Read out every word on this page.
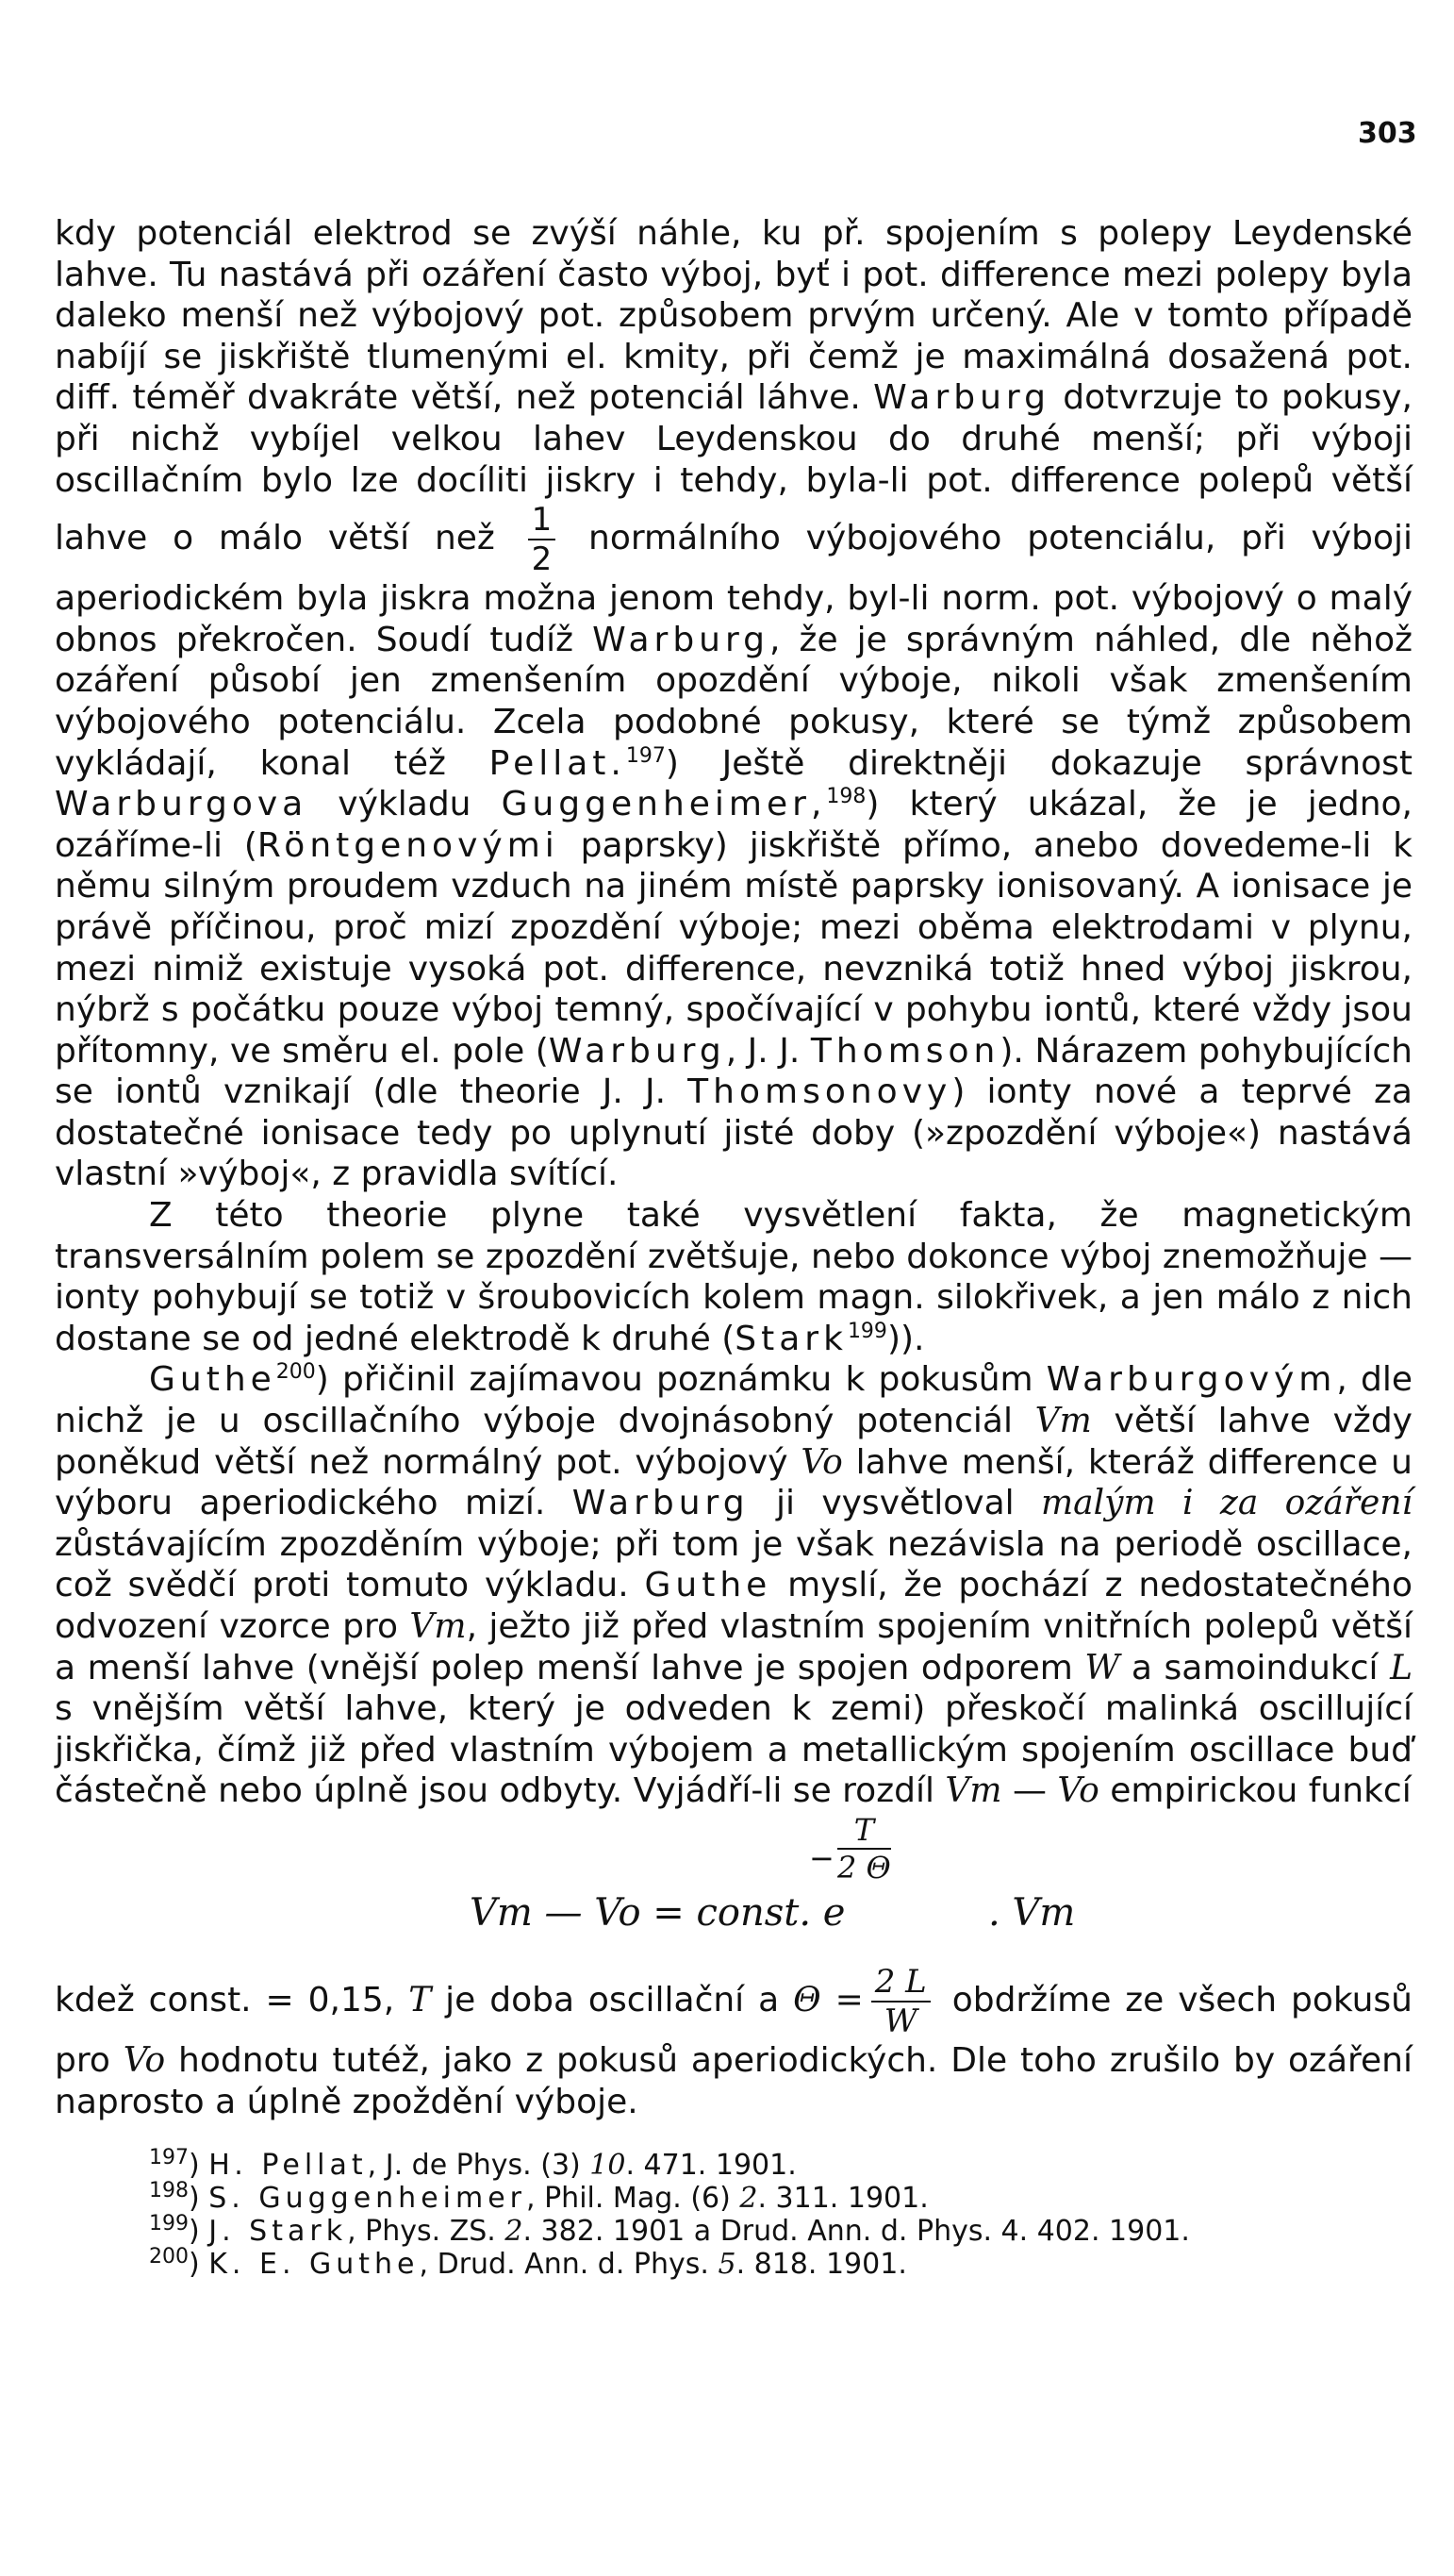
303

kdy potenciál elektrod se zvýší náhle, ku př. spojením s polepy Leydenské lahve. Tu nastává při ozáření často výboj, byť i pot. difference mezi polepy byla daleko menší než výbojový pot. způsobem prvým určený. Ale v tomto případě nabíjí se jiskřiště tlumenými el. kmity, při čemž je maximálná dosažená pot. diff. téměř dvakráte větší, než potenciál láhve. Warburg dotvrzuje to pokusy, při nichž vybíjel velkou lahev Leydenskou do druhé menší; při výboji oscillačním bylo lze docíliti jiskry i tehdy, byla-li pot. difference polepů větší lahve o málo větší než $\frac{1}{2}$ normálního výbojového potenciálu, při výboji aperiodickém byla jiskra možna jenom tehdy, byl-li norm. pot. výbojový o malý obnos překročen. Soudí tudíž Warburg, že je správným náhled, dle něhož ozáření působí jen zmenšením opozdění výboje, nikoli však zmenšením výbojového potenciálu. Zcela podobné pokusy, které se týmž způsobem vykládají, konal též Pellat.$^{197}$) Ještě direktněji dokazuje správnost Warburgova výkladu Guggenheimer,$^{198}$) který ukázal, že je jedno, ozáříme-li (Röntgenovými paprsky) jiskřiště přímo, anebo dovedeme-li k němu silným proudem vzduch na jiném místě paprsky ionisovaný. A ionisace je právě příčinou, proč mizí zpozdění výboje; mezi oběma elektrodami v plynu, mezi nimiž existuje vysoká pot. difference, nevzniká totiž hned výboj jiskrou, nýbrž s počátku pouze výboj temný, spočívající v pohybu iontů, které vždy jsou přítomny, ve směru el. pole (Warburg, J. J. Thomson). Nárazem pohybujících se iontů vznikají (dle theorie J. J. Thomsonovy) ionty nové a teprvé za dostatečné ionisace tedy po uplynutí jisté doby (»zpozdění výboje«) nastává vlastní »výboj«, z pravidla svítící.

Z této theorie plyne také vysvětlení fakta, že magnetickým transversálním polem se zpozdění zvětšuje, nebo dokonce výboj znemožňuje — ionty pohybují se totiž v šroubovicích kolem magn. silokřivek, a jen málo z nich dostane se od jedné elektrodě k druhé (Stark$^{199}$)).

Guthe$^{200}$) přičinil zajímavou poznámku k pokusům Warburgovým, dle nichž je u oscillačního výboje dvojnásobný potenciál Vm větší lahve vždy poněkud větší než normálný pot. výbojový Vo lahve menší, kteráž difference u výboru aperiodického mizí. Warburg ji vysvětloval malým i za ozáření zůstávajícím zpozděním výboje; při tom je však nezávisla na periodě oscillace, což svědčí proti tomuto výkladu. Guthe myslí, že pochází z nedostatečného odvození vzorce pro Vm, ježto již před vlastním spojením vnitřních polepů větší a menší lahve (vnější polep menší lahve je spojen odporem W a samoindukcí L s vnějším větší lahve, který je odveden k zemi) přeskočí malinká oscillující jiskřička, čímž již před vlastním výbojem a metallickým spojením oscillace buď částečně nebo úplně jsou odbyty. Vyjádří-li se rozdíl Vm — Vo empirickou funkcí

Vm — Vo = const. e
$\frac{T}{2 \Theta}$
−
. Vm

kdež const. = 0,15, T je doba oscillační a $\Theta = \frac{2 L}{W}$ obdržíme ze všech pokusů pro Vo hodnotu tutéž, jako z pokusů aperiodických. Dle toho zrušilo by ozáření naprosto a úplně zpoždění výboje.

$^{197}$) H. Pellat, J. de Phys. (3) 10. 471. 1901.
$^{198}$) S. Guggenheimer, Phil. Mag. (6) 2. 311. 1901.
$^{199}$) J. Stark, Phys. ZS. 2. 382. 1901 a Drud. Ann. d. Phys. 4. 402. 1901.
$^{200}$) K. E. Guthe, Drud. Ann. d. Phys. 5. 818. 1901.
